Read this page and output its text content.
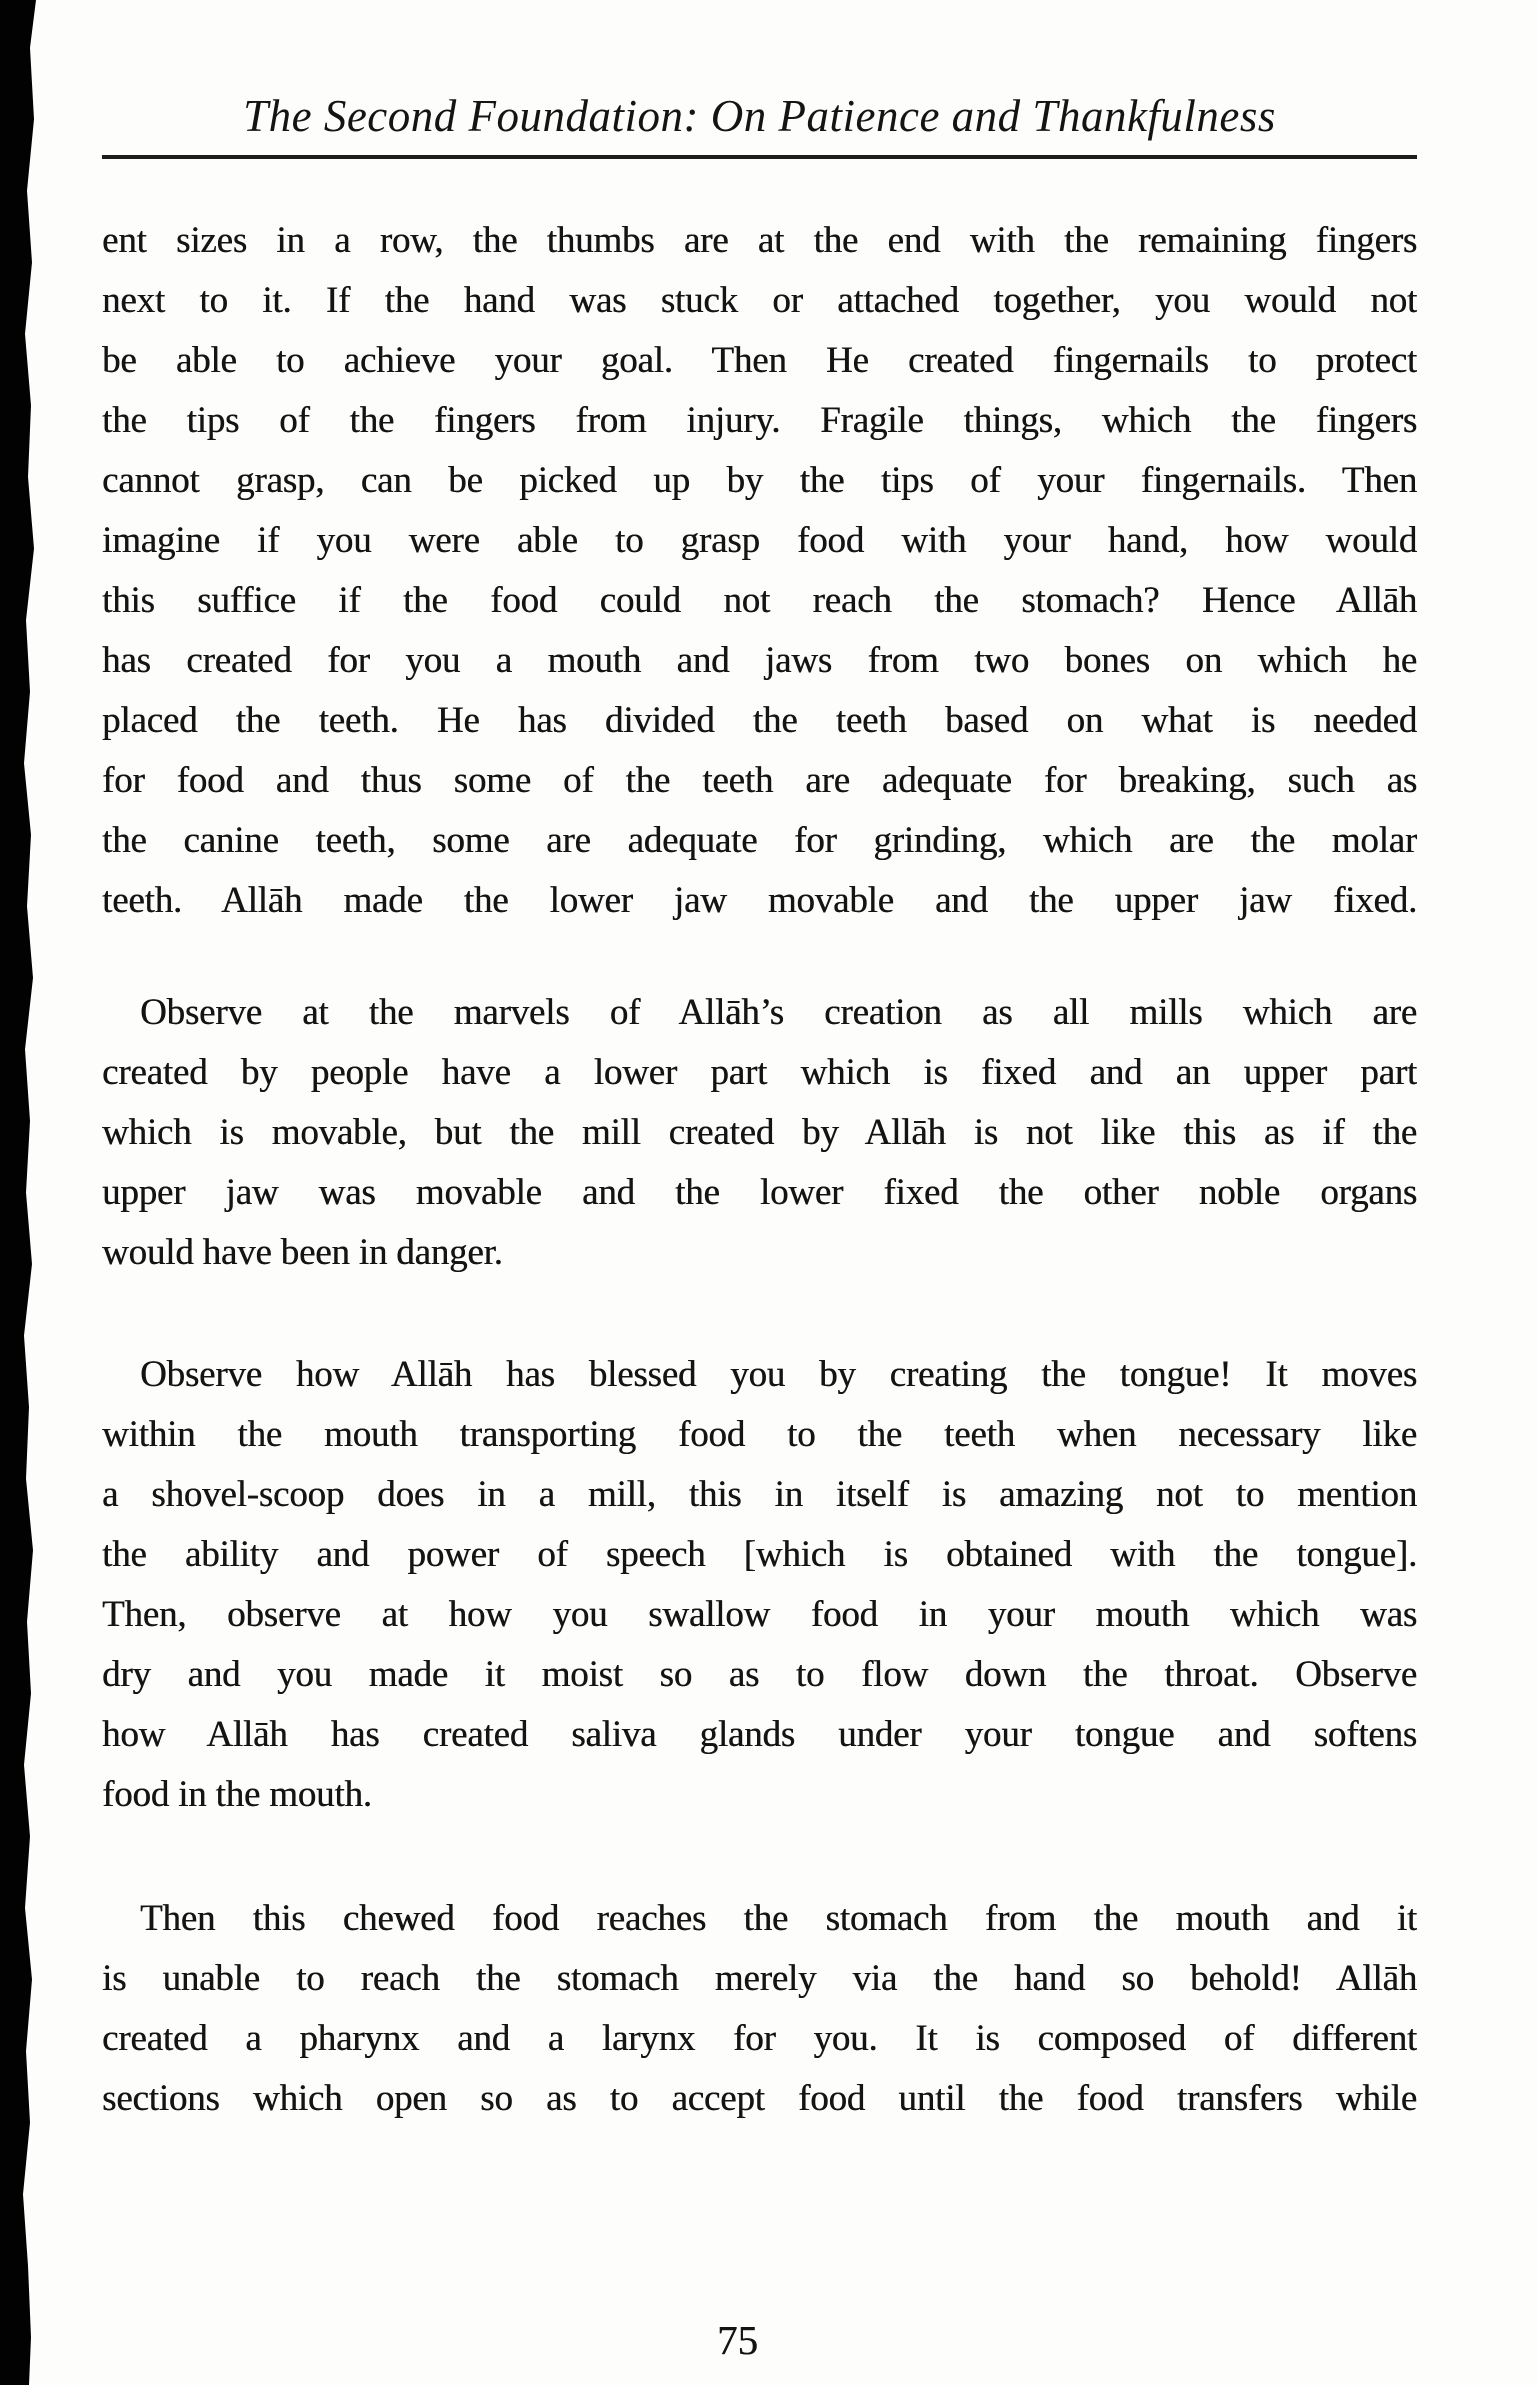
The Second Foundation: On Patience and Thankfulness
ent sizes in a row, the thumbs are at the end with the remaining fingers
next to it. If the hand was stuck or attached together, you would not
be able to achieve your goal. Then He created fingernails to protect
the tips of the fingers from injury. Fragile things, which the fingers
cannot grasp, can be picked up by the tips of your fingernails. Then
imagine if you were able to grasp food with your hand, how would
this suffice if the food could not reach the stomach? Hence Allāh
has created for you a mouth and jaws from two bones on which he
placed the teeth. He has divided the teeth based on what is needed
for food and thus some of the teeth are adequate for breaking, such as
the canine teeth, some are adequate for grinding, which are the molar
teeth. Allāh made the lower jaw movable and the upper jaw fixed.
Observe at the marvels of Allāh’s creation as all mills which are
created by people have a lower part which is fixed and an upper part
which is movable, but the mill created by Allāh is not like this as if the
upper jaw was movable and the lower fixed the other noble organs
would have been in danger.
Observe how Allāh has blessed you by creating the tongue! It moves
within the mouth transporting food to the teeth when necessary like
a shovel-scoop does in a mill, this in itself is amazing not to mention
the ability and power of speech [which is obtained with the tongue].
Then, observe at how you swallow food in your mouth which was
dry and you made it moist so as to flow down the throat. Observe
how Allāh has created saliva glands under your tongue and softens
food in the mouth.
Then this chewed food reaches the stomach from the mouth and it
is unable to reach the stomach merely via the hand so behold! Allāh
created a pharynx and a larynx for you. It is composed of different
sections which open so as to accept food until the food transfers while
75
